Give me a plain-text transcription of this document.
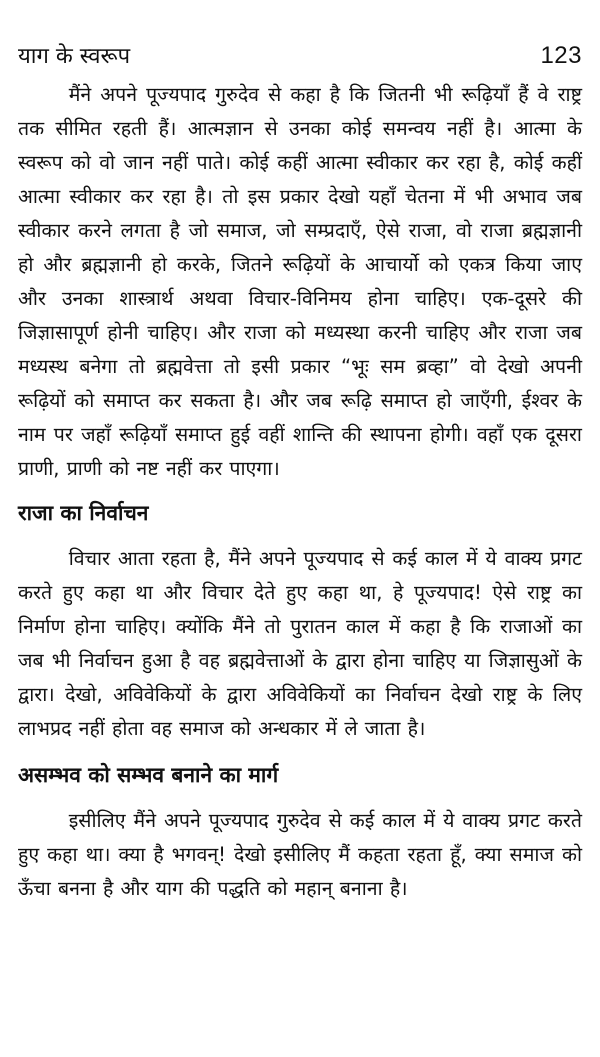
याग के स्वरूप	123

मैंने अपने पूज्यपाद गुरुदेव से कहा है कि जितनी भी रूढ़ियाँ हैं वे राष्ट्र तक सीमित रहती हैं। आत्मज्ञान से उनका कोई समन्वय नहीं है। आत्मा के स्वरूप को वो जान नहीं पाते। कोई कहीं आत्मा स्वीकार कर रहा है, कोई कहीं आत्मा स्वीकार कर रहा है। तो इस प्रकार देखो यहाँ चेतना में भी अभाव जब स्वीकार करने लगता है जो समाज, जो सम्प्रदाएँ, ऐसे राजा, वो राजा ब्रह्मज्ञानी हो और ब्रह्मज्ञानी हो करके, जितने रूढ़ियों के आचार्यो को एकत्र किया जाए और उनका शास्त्रार्थ अथवा विचार-विनिमय होना चाहिए। एक-दूसरे की जिज्ञासापूर्ण होनी चाहिए। और राजा को मध्यस्था करनी चाहिए और राजा जब मध्यस्थ बनेगा तो ब्रह्मवेत्ता तो इसी प्रकार “भूः सम ब्रव्हा” वो देखो अपनी रूढ़ियों को समाप्त कर सकता है। और जब रूढ़ि समाप्त हो जाएँगी, ईश्वर के नाम पर जहाँ रूढ़ियाँ समाप्त हुई वहीं शान्ति की स्थापना होगी। वहाँ एक दूसरा प्राणी, प्राणी को नष्ट नहीं कर पाएगा।

राजा का निर्वाचन

विचार आता रहता है, मैंने अपने पूज्यपाद से कई काल में ये वाक्य प्रगट करते हुए कहा था और विचार देते हुए कहा था, हे पूज्यपाद! ऐसे राष्ट्र का निर्माण होना चाहिए। क्योंकि मैंने तो पुरातन काल में कहा है कि राजाओं का जब भी निर्वाचन हुआ है वह ब्रह्मवेत्ताओं के द्वारा होना चाहिए या जिज्ञासुओं के द्वारा। देखो, अविवेकियों के द्वारा अविवेकियों का निर्वाचन देखो राष्ट्र के लिए लाभप्रद नहीं होता वह समाज को अन्धकार में ले जाता है।

असम्भव को सम्भव बनाने का मार्ग

इसीलिए मैंने अपने पूज्यपाद गुरुदेव से कई काल में ये वाक्य प्रगट करते हुए कहा था। क्या है भगवन्! देखो इसीलिए मैं कहता रहता हूँ, क्या समाज को ऊँचा बनना है और याग की पद्धति को महान् बनाना है।
